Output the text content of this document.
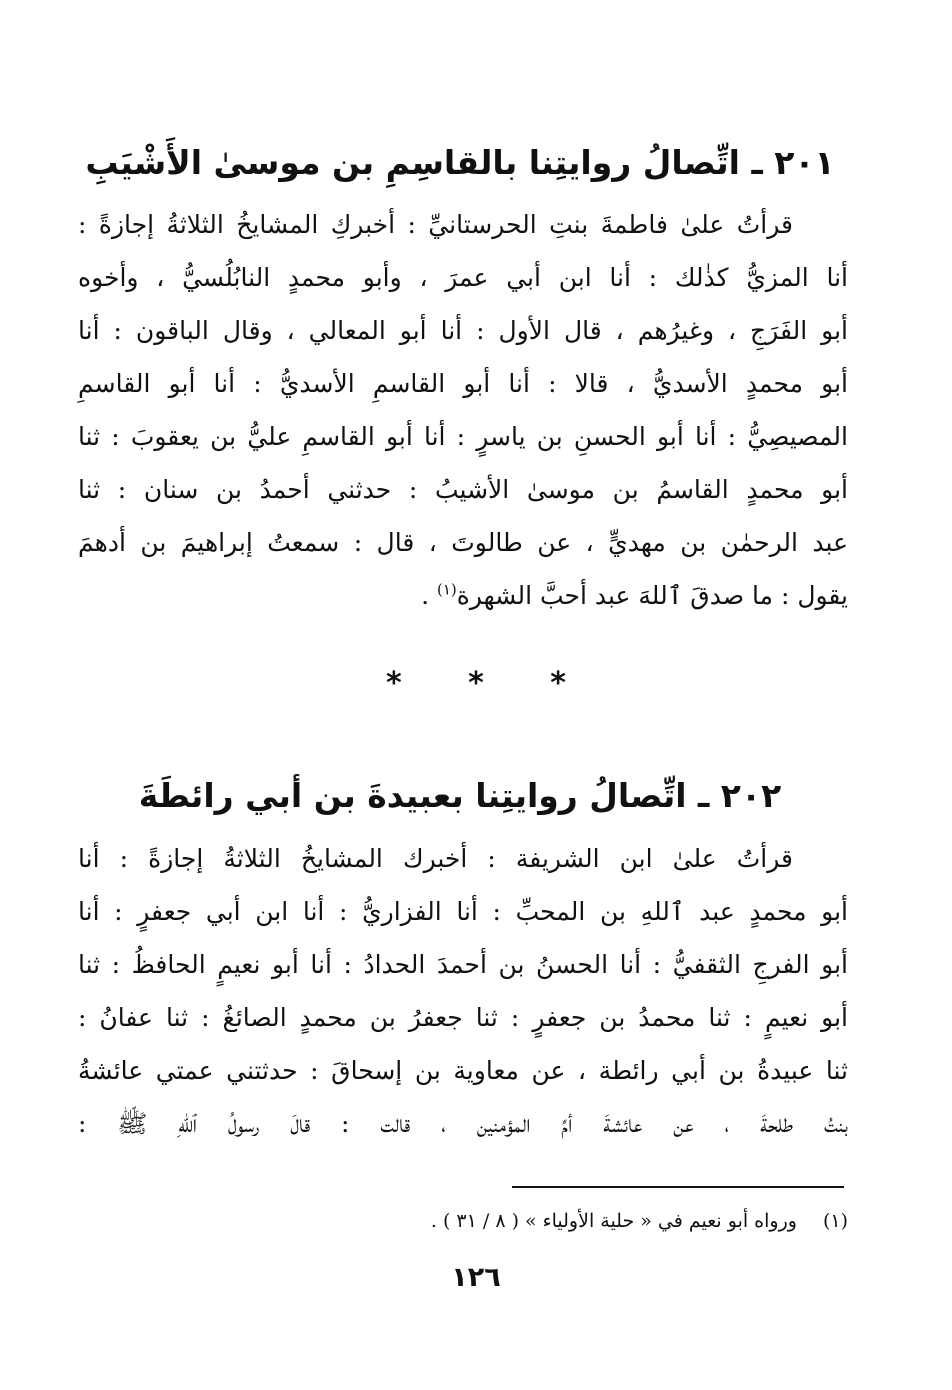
٢٠١ ـ اتِّصالُ روايتِنا بالقاسِمِ بن موسىٰ الأَشْيَبِ
قرأتُ علىٰ فاطمةَ بنتِ الحرستانيِّ : أخبركِ المشايخُ الثلاثةُ إجازةً :
أنا المزيُّ كذٰلك : أنا ابن أبي عمرَ ، وأبو محمدٍ النابُلُسيُّ ، وأخوه
أبو الفَرَجِ ، وغيرُهم ، قال الأول : أنا أبو المعالي ، وقال الباقون : أنا
أبو محمدٍ الأسديُّ ، قالا : أنا أبو القاسمِ الأسديُّ : أنا أبو القاسمِ
المصيصِيُّ : أنا أبو الحسنِ بن ياسرٍ : أنا أبو القاسمِ عليُّ بن يعقوبَ : ثنا
أبو محمدٍ القاسمُ بن موسىٰ الأشيبُ : حدثني أحمدُ بن سنان : ثنا
عبد الرحمٰن بن مهديٍّ ، عن طالوتَ ، قال : سمعتُ إبراهيمَ بن أدهمَ
يقول : ما صدقَ ٱللهَ عبد أحبَّ الشهرة$^{(١)}$ .
* * *
٢٠٢ ـ اتِّصالُ روايتِنا بعبيدةَ بن أبي رائطَةَ
قرأتُ علىٰ ابن الشريفة : أخبرك المشايخُ الثلاثةُ إجازةً : أنا
أبو محمدٍ عبد ٱللهِ بن المحبِّ : أنا الفزاريُّ : أنا ابن أبي جعفرٍ : أنا
أبو الفرجِ الثقفيُّ : أنا الحسنُ بن أحمدَ الحدادُ : أنا أبو نعيمٍ الحافظُ : ثنا
أبو نعيمٍ : ثنا محمدُ بن جعفرٍ : ثنا جعفرُ بن محمدٍ الصائغُ : ثنا عفانُ :
ثنا عبيدةُ بن أبي رائطة ، عن معاوية بن إسحاقَ : حدثتني عمتي عائشةُ
بنتُ طلحةَ ، عن عائشةَ أمِّ المؤمنين ، قالت : قالَ رسولُ ٱللهِ ﷺ :
(١)ورواه أبو نعيم في « حلية الأولياء » ( ٨ / ٣١ ) .
١٢٦
